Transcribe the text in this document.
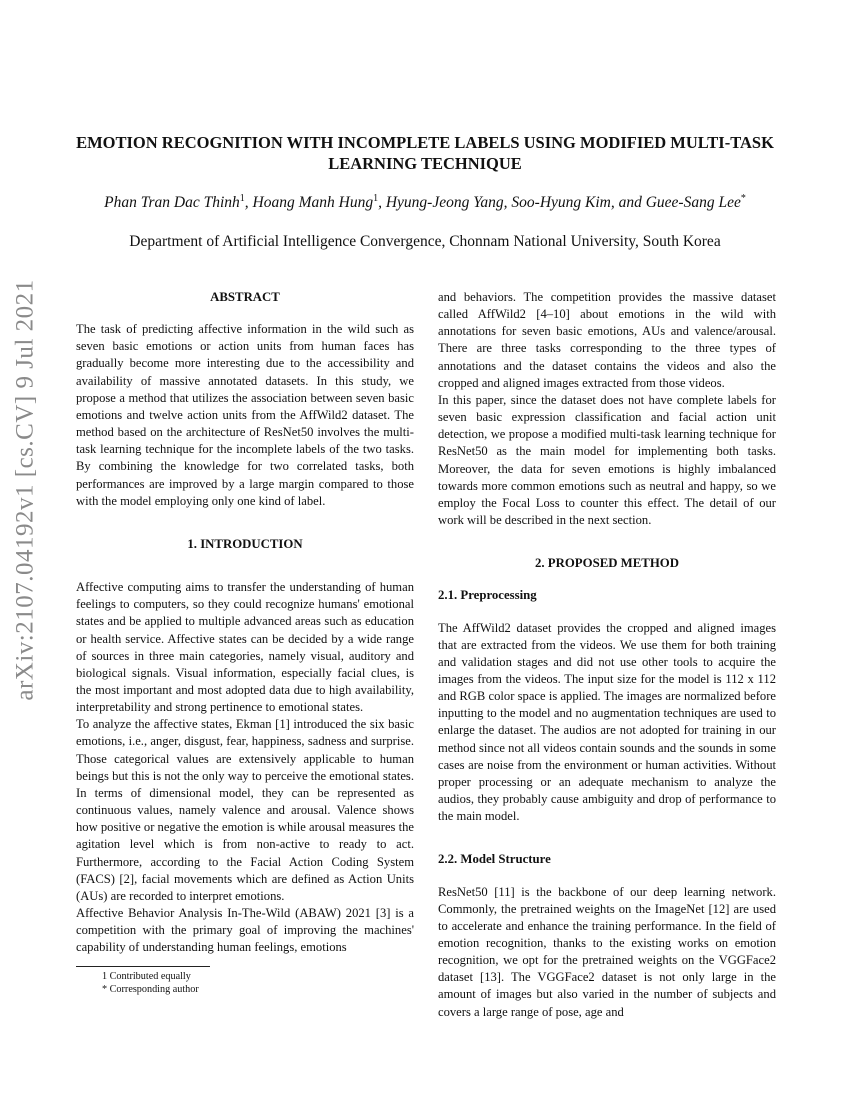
arXiv:2107.04192v1 [cs.CV] 9 Jul 2021
EMOTION RECOGNITION WITH INCOMPLETE LABELS USING MODIFIED MULTI-TASK LEARNING TECHNIQUE
Phan Tran Dac Thinh$^1$, Hoang Manh Hung$^1$, Hyung-Jeong Yang, Soo-Hyung Kim, and Guee-Sang Lee*
Department of Artificial Intelligence Convergence, Chonnam National University, South Korea

ABSTRACT

The task of predicting affective information in the wild such as seven basic emotions or action units from human faces has gradually become more interesting due to the accessibility and availability of massive annotated datasets. In this study, we propose a method that utilizes the association between seven basic emotions and twelve action units from the AffWild2 dataset. The method based on the architecture of ResNet50 involves the multi-task learning technique for the incomplete labels of the two tasks. By combining the knowledge for two correlated tasks, both performances are improved by a large margin compared to those with the model employing only one kind of label.

1. INTRODUCTION

Affective computing aims to transfer the understanding of human feelings to computers, so they could recognize humans' emotional states and be applied to multiple advanced areas such as education or health service. Affective states can be decided by a wide range of sources in three main categories, namely visual, auditory and biological signals. Visual information, especially facial clues, is the most important and most adopted data due to high availability, interpretability and strong pertinence to emotional states.

To analyze the affective states, Ekman [1] introduced the six basic emotions, i.e., anger, disgust, fear, happiness, sadness and surprise. Those categorical values are extensively applicable to human beings but this is not the only way to perceive the emotional states. In terms of dimensional model, they can be represented as continuous values, namely valence and arousal. Valence shows how positive or negative the emotion is while arousal measures the agitation level which is from non-active to ready to act. Furthermore, according to the Facial Action Coding System (FACS) [2], facial movements which are defined as Action Units (AUs) are recorded to interpret emotions.

Affective Behavior Analysis In-The-Wild (ABAW) 2021 [3] is a competition with the primary goal of improving the machines' capability of understanding human feelings, emotions

1 Contributed equally

* Corresponding author

and behaviors. The competition provides the massive dataset called AffWild2 [4–10] about emotions in the wild with annotations for seven basic emotions, AUs and valence/arousal. There are three tasks corresponding to the three types of annotations and the dataset contains the videos and also the cropped and aligned images extracted from those videos.

In this paper, since the dataset does not have complete labels for seven basic expression classification and facial action unit detection, we propose a modified multi-task learning technique for ResNet50 as the main model for implementing both tasks. Moreover, the data for seven emotions is highly imbalanced towards more common emotions such as neutral and happy, so we employ the Focal Loss to counter this effect. The detail of our work will be described in the next section.

2. PROPOSED METHOD

2.1. Preprocessing

The AffWild2 dataset provides the cropped and aligned images that are extracted from the videos. We use them for both training and validation stages and did not use other tools to acquire the images from the videos. The input size for the model is 112 x 112 and RGB color space is applied. The images are normalized before inputting to the model and no augmentation techniques are used to enlarge the dataset. The audios are not adopted for training in our method since not all videos contain sounds and the sounds in some cases are noise from the environment or human activities. Without proper processing or an adequate mechanism to analyze the audios, they probably cause ambiguity and drop of performance to the main model.

2.2. Model Structure

ResNet50 [11] is the backbone of our deep learning network. Commonly, the pretrained weights on the ImageNet [12] are used to accelerate and enhance the training performance. In the field of emotion recognition, thanks to the existing works on emotion recognition, we opt for the pretrained weights on the VGGFace2 dataset [13]. The VGGFace2 dataset is not only large in the amount of images but also varied in the number of subjects and covers a large range of pose, age and
